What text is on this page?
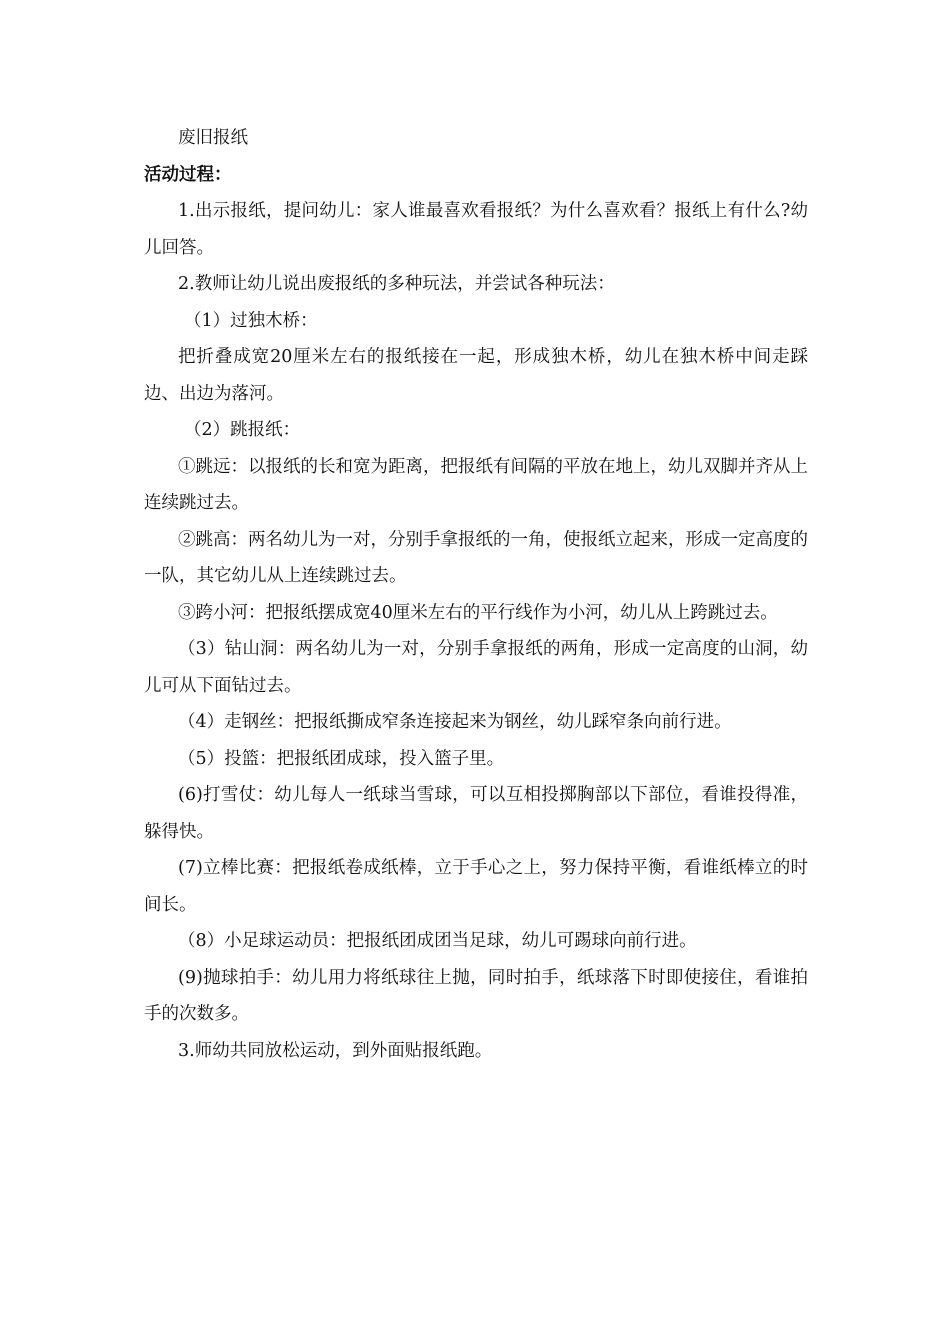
废旧报纸

活动过程：

1.出示报纸，提问幼儿：家人谁最喜欢看报纸？为什么喜欢看？报纸上有什么?幼儿回答。

2.教师让幼儿说出废报纸的多种玩法，并尝试各种玩法：

（1）过独木桥：

把折叠成宽20厘米左右的报纸接在一起，形成独木桥，幼儿在独木桥中间走踩边、出边为落河。

（2）跳报纸：

①跳远：以报纸的长和宽为距离，把报纸有间隔的平放在地上，幼儿双脚并齐从上连续跳过去。

②跳高：两名幼儿为一对，分别手拿报纸的一角，使报纸立起来，形成一定高度的一队，其它幼儿从上连续跳过去。

③跨小河：把报纸摆成宽40厘米左右的平行线作为小河，幼儿从上跨跳过去。

（3）钻山洞：两名幼儿为一对，分别手拿报纸的两角，形成一定高度的山洞，幼儿可从下面钻过去。

（4）走钢丝：把报纸撕成窄条连接起来为钢丝，幼儿踩窄条向前行进。

（5）投篮：把报纸团成球，投入篮子里。

(6)打雪仗：幼儿每人一纸球当雪球，可以互相投掷胸部以下部位，看谁投得准，躲得快。

(7)立棒比赛：把报纸卷成纸棒，立于手心之上，努力保持平衡，看谁纸棒立的时间长。

（8）小足球运动员：把报纸团成团当足球，幼儿可踢球向前行进。

(9)抛球拍手：幼儿用力将纸球往上抛，同时拍手，纸球落下时即使接住，看谁拍手的次数多。

3.师幼共同放松运动，到外面贴报纸跑。
